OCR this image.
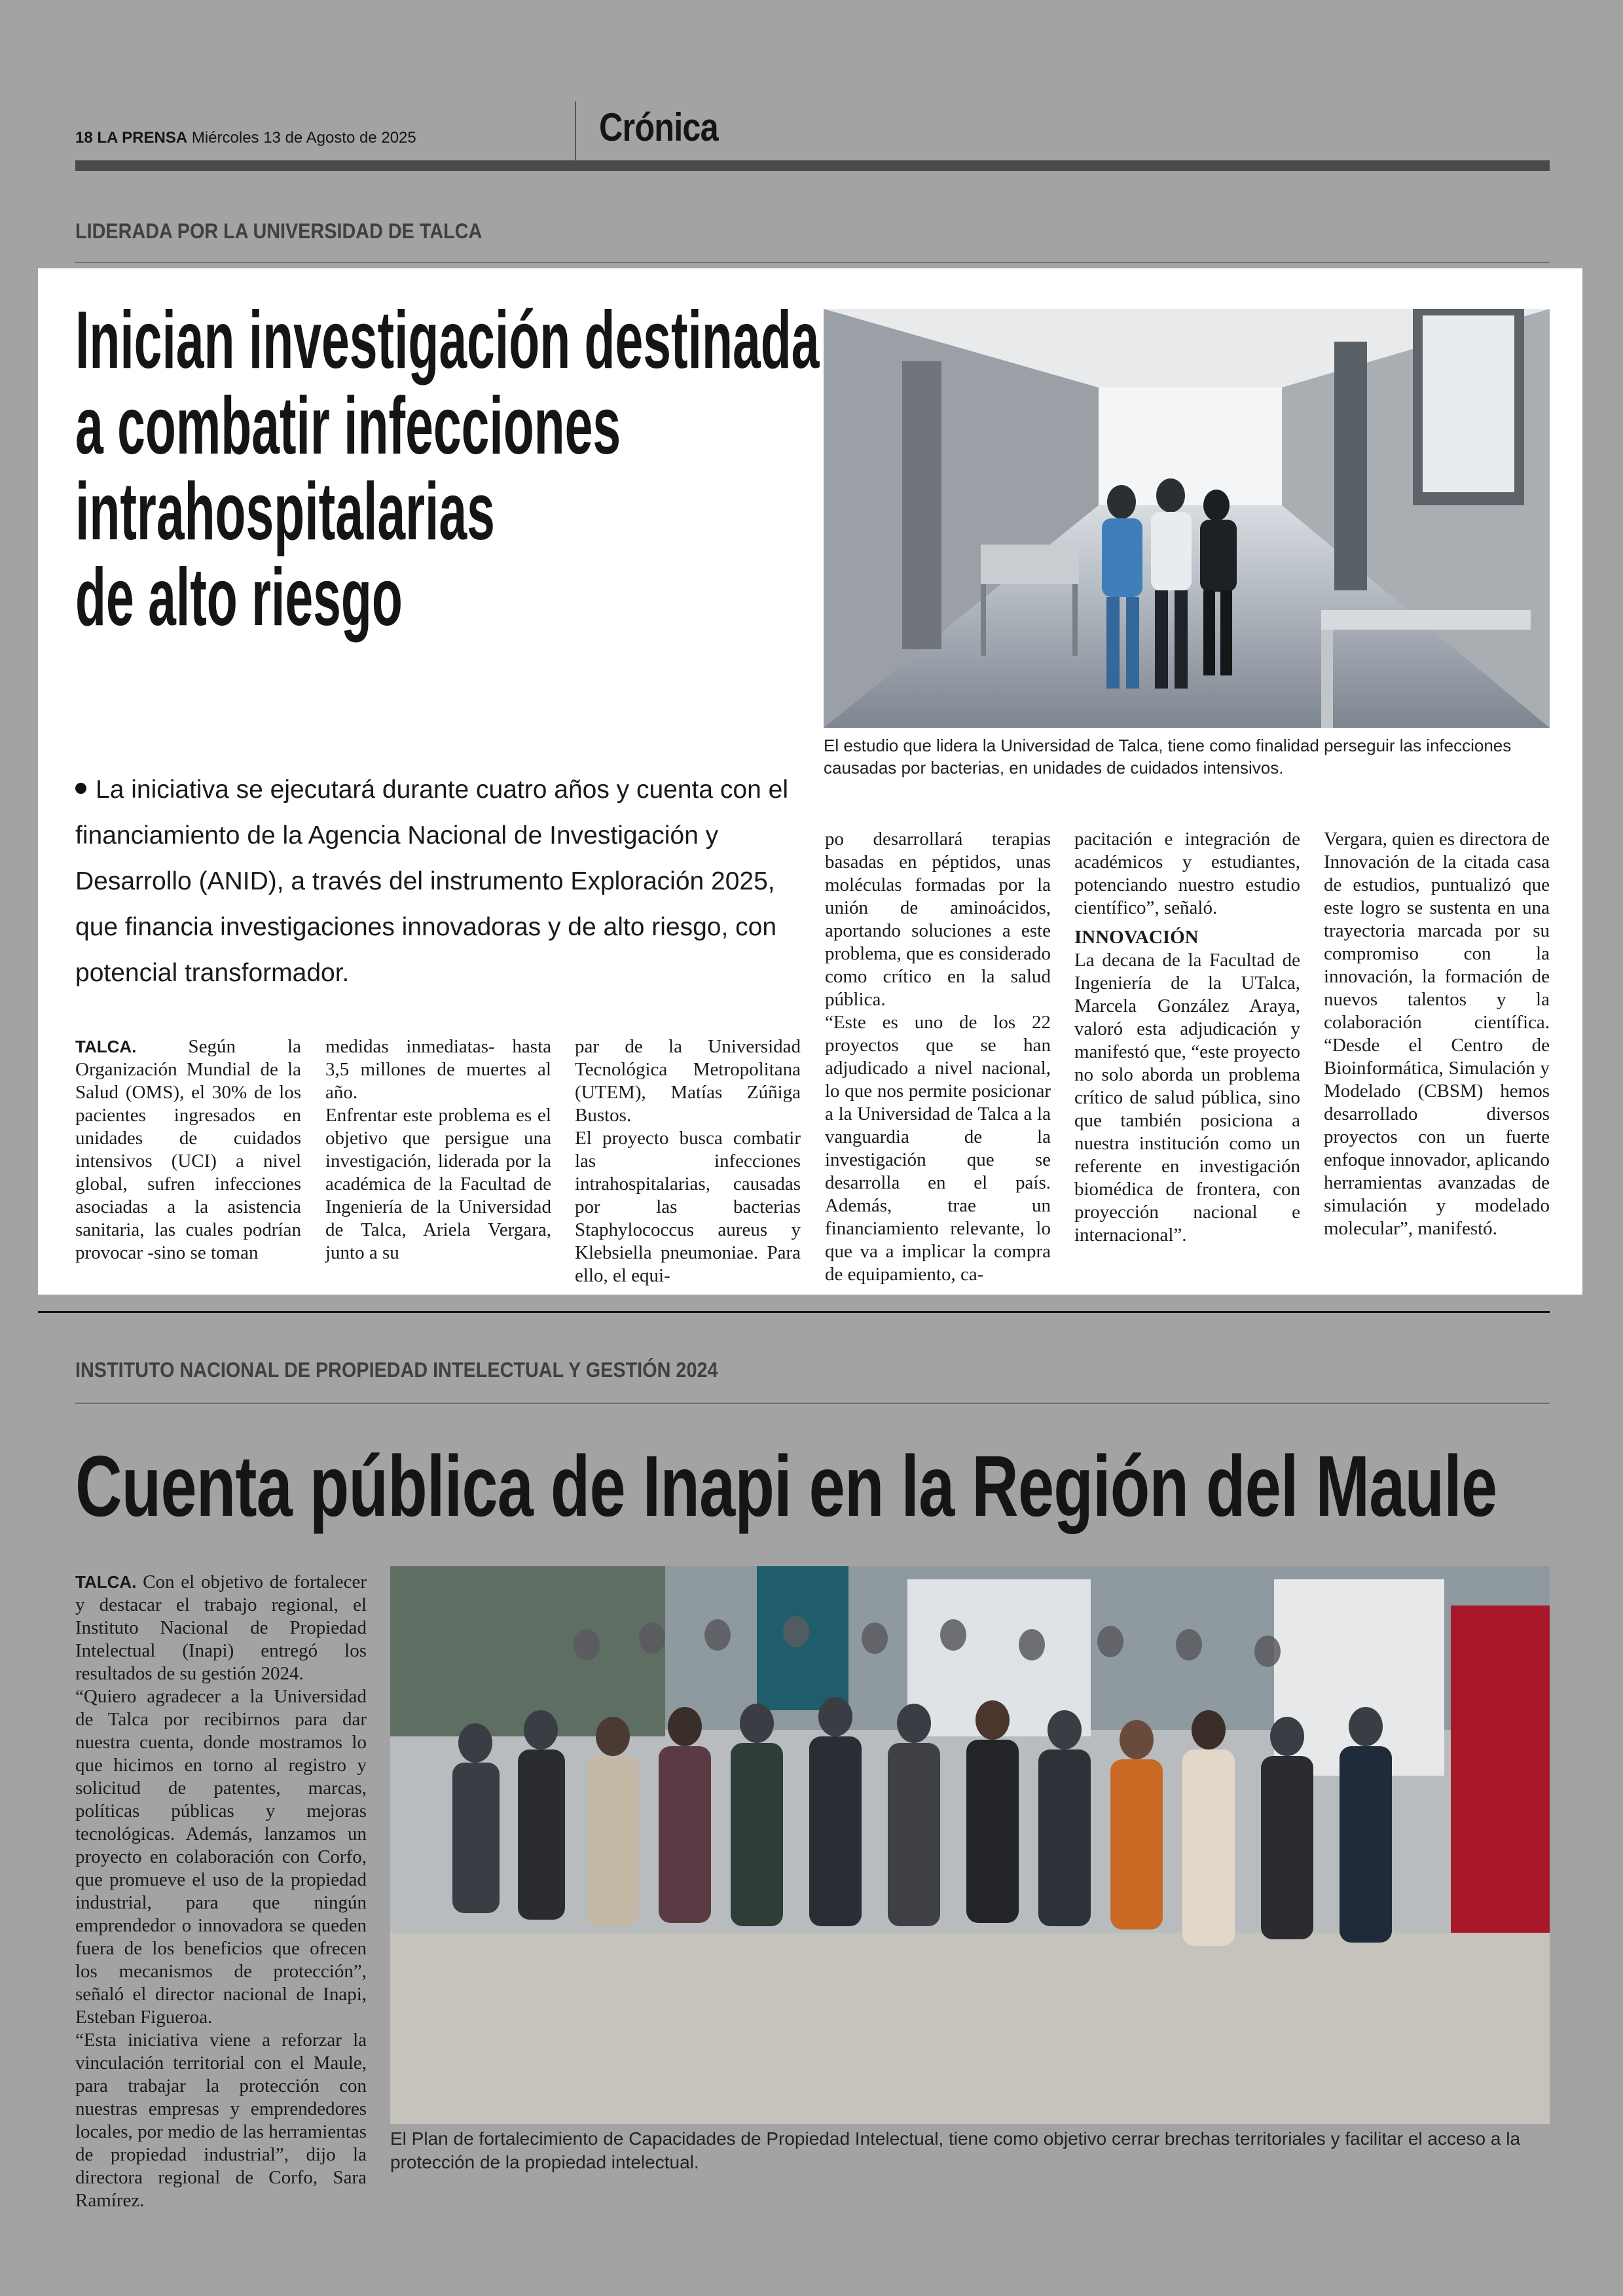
18 LA PRENSA Miércoles 13 de Agosto de 2025	Crónica
LIDERADA POR LA UNIVERSIDAD DE TALCA
Inician investigación destinada
a combatir infecciones
intrahospitalarias
de alto riesgo
El estudio que lidera la Universidad de Talca, tiene como finalidad perseguir las infecciones causadas por bacterias, en unidades de cuidados intensivos.
La iniciativa se ejecutará durante cuatro años y cuenta con el financiamiento de la Agencia Nacional de Investigación y Desarrollo (ANID), a través del instrumento Exploración 2025, que financia investigaciones innovadoras y de alto riesgo, con potencial transformador.

TALCA.	Según la Organización Mundial de la Salud (OMS), el 30% de los pacientes ingresados en unidades de cuidados intensivos (UCI) a nivel global, sufren infecciones asociadas a la asistencia sanitaria, las cuales podrían provocar -sino se toman

medidas inmediatas- hasta 3,5 millones de muertes al año.

Enfrentar este problema es el objetivo que persigue una investigación, liderada por la académica de la Facultad de Ingeniería de la Universidad de Talca, Ariela Vergara, junto a su

par de la Universidad Tecnológica Metropolitana (UTEM), Matías Zúñiga Bustos.

El proyecto busca combatir las infecciones intrahospitalarias, causadas por las bacterias Staphylococcus aureus y Klebsiella pneumoniae. Para ello, el equi-

po desarrollará terapias basadas en péptidos, unas moléculas formadas por la unión de aminoácidos, aportando soluciones a este problema, que es considerado como crítico en la salud pública.

“Este es uno de los 22 proyectos que se han adjudicado a nivel nacional, lo que nos permite posicionar a la Universidad de Talca a la vanguardia de la investigación que se desarrolla en el país. Además, trae un financiamiento relevante, lo que va a implicar la compra de equipamiento, ca-

pacitación e integración de académicos y estudiantes, potenciando nuestro estudio científico”, señaló.

INNOVACIÓN

La decana de la Facultad de Ingeniería de la UTalca, Marcela González Araya, valoró esta adjudicación y manifestó que, “este proyecto no solo aborda un problema crítico de salud pública, sino que también posiciona a nuestra institución como un referente en investigación biomédica de frontera, con proyección nacional e internacional”.

Vergara, quien es directora de Innovación de la citada casa de estudios, puntualizó que este logro se sustenta en una trayectoria marcada por su compromiso con la innovación, la formación de nuevos talentos y la colaboración científica. “Desde el Centro de Bioinformática, Simulación y Modelado (CBSM) hemos desarrollado diversos proyectos con un fuerte enfoque innovador, aplicando herramientas avanzadas de simulación y modelado molecular”, manifestó.

INSTITUTO NACIONAL DE PROPIEDAD INTELECTUAL Y GESTIÓN 2024
Cuenta pública de Inapi en la Región del Maule

TALCA. Con el objetivo de fortalecer y destacar el trabajo regional, el Instituto Nacional de Propiedad Intelectual (Inapi) entregó los resultados de su gestión 2024.

“Quiero agradecer a la Universidad de Talca por recibirnos para dar nuestra cuenta, donde mostramos lo que hicimos en torno al registro y solicitud de patentes, marcas, políticas públicas y mejoras tecnológicas. Además, lanzamos un proyecto en colaboración con Corfo, que promueve el uso de la propiedad industrial, para que ningún emprendedor o innovadora se queden fuera de los beneficios que ofrecen los mecanismos de protección”, señaló el director nacional de Inapi, Esteban Figueroa.

“Esta iniciativa viene a reforzar la vinculación territorial con el Maule, para trabajar la protección con nuestras empresas y emprendedores locales, por medio de las herramientas de propiedad industrial”, dijo la directora regional de Corfo, Sara Ramírez.

El Plan de fortalecimiento de Capacidades de Propiedad Intelectual, tiene como objetivo cerrar brechas territoriales y facilitar el acceso a la protección de la propiedad intelectual.
